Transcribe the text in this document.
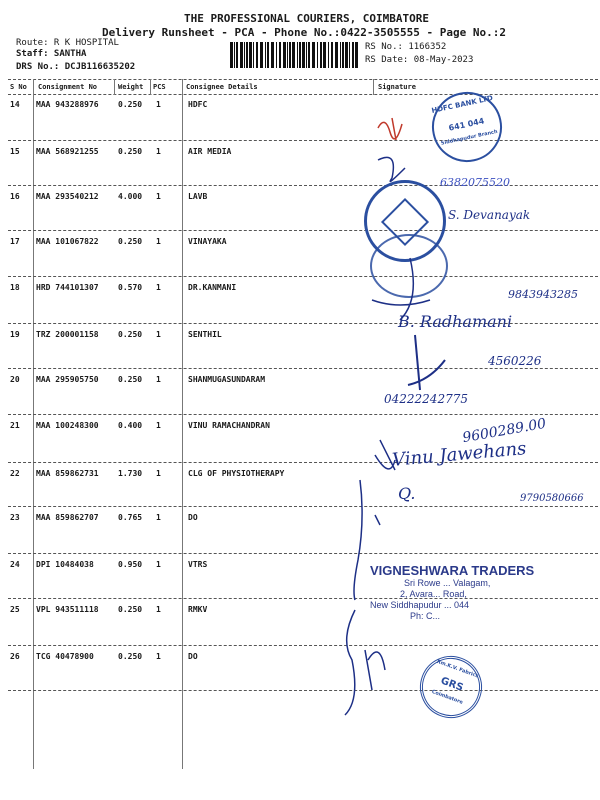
THE PROFESSIONAL COURIERS, COIMBATORE
Delivery Runsheet - PCA - Phone No.:0422-3505555 - Page No.:2
Route: R K HOSPITAL
Staff: SANTHA
DRS No.: DCJB116635202
RS No.: 1166352
RS Date: 08-May-2023
S No Consignment No	Weight PCS	Consignee Details	Signature
14 MAA 943288976 0.250 1	HDFC
15 MAA 568921255 0.250 1	AIR MEDIA
16 MAA 293540212 4.000 1	LAVB
17 MAA 101067822 0.250 1	VINAYAKA
18 HRD 744101307 0.570 1	DR.KANMANI
19 TRZ 200001158 0.250 1	SENTHIL
20 MAA 295905750 0.250 1	SHANMUGASUNDARAM
21 MAA 100248300 0.400 1	VINU RAMACHANDRAN
22 MAA 859862731 1.730 1	CLG OF PHYSIOTHERAPY
23 MAA 859862707 0.765 1	DO
24 DPI 10484038	0.950 1	VTRS
25 VPL 943511118 0.250 1	RMKV
26 TCG 40478900	0.250 1	DO
HDFC BANK LTD
641 044
Siddhapudur Branch
6382075520
S. Devanayak
9843943285
B. Radhamani
4560226
04222242775
9600289.00
Vinu Jawehans
9790580666
Q.
VIGNESHWARA TRADERS
Sri Rowe ... Valagam,
2, Avara... Road,
New Siddhapudur ... 044
Ph: C...
Rm.K.V. Fabrics
GRS
Coimbatore
